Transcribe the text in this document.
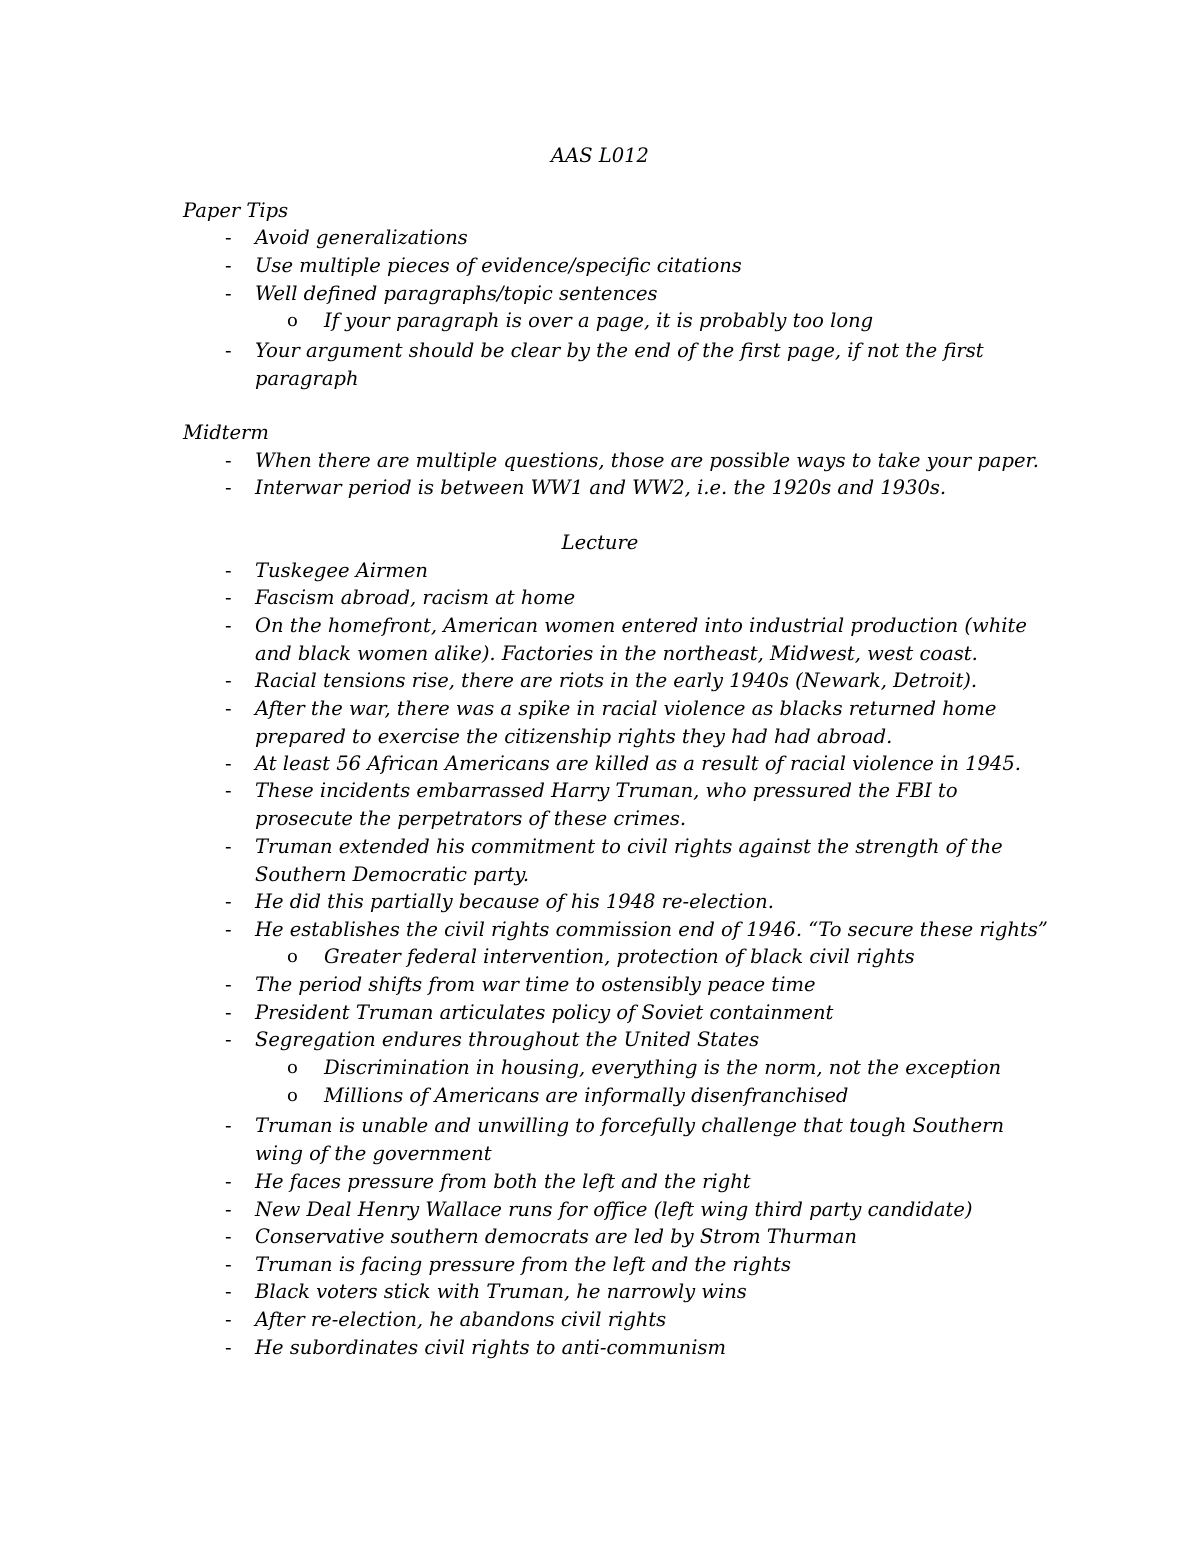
AAS L012
Paper Tips
- Avoid generalizations
- Use multiple pieces of evidence/specific citations
- Well defined paragraphs/topic sentences
o If your paragraph is over a page, it is probably too long
- Your argument should be clear by the end of the first page, if not the first
paragraph
Midterm
- When there are multiple questions, those are possible ways to take your paper.
- Interwar period is between WW1 and WW2, i.e. the 1920s and 1930s.
Lecture
- Tuskegee Airmen
- Fascism abroad, racism at home
- On the homefront, American women entered into industrial production (white
and black women alike). Factories in the northeast, Midwest, west coast.
- Racial tensions rise, there are riots in the early 1940s (Newark, Detroit).
- After the war, there was a spike in racial violence as blacks returned home
prepared to exercise the citizenship rights they had had abroad.
- At least 56 African Americans are killed as a result of racial violence in 1945.
- These incidents embarrassed Harry Truman, who pressured the FBI to
prosecute the perpetrators of these crimes.
- Truman extended his commitment to civil rights against the strength of the
Southern Democratic party.
- He did this partially because of his 1948 re-election.
- He establishes the civil rights commission end of 1946. “To secure these rights”
o Greater federal intervention, protection of black civil rights
- The period shifts from war time to ostensibly peace time
- President Truman articulates policy of Soviet containment
- Segregation endures throughout the United States
o Discrimination in housing, everything is the norm, not the exception
o Millions of Americans are informally disenfranchised
- Truman is unable and unwilling to forcefully challenge that tough Southern
wing of the government
- He faces pressure from both the left and the right
- New Deal Henry Wallace runs for office (left wing third party candidate)
- Conservative southern democrats are led by Strom Thurman
- Truman is facing pressure from the left and the rights
- Black voters stick with Truman, he narrowly wins
- After re-election, he abandons civil rights
- He subordinates civil rights to anti-communism
